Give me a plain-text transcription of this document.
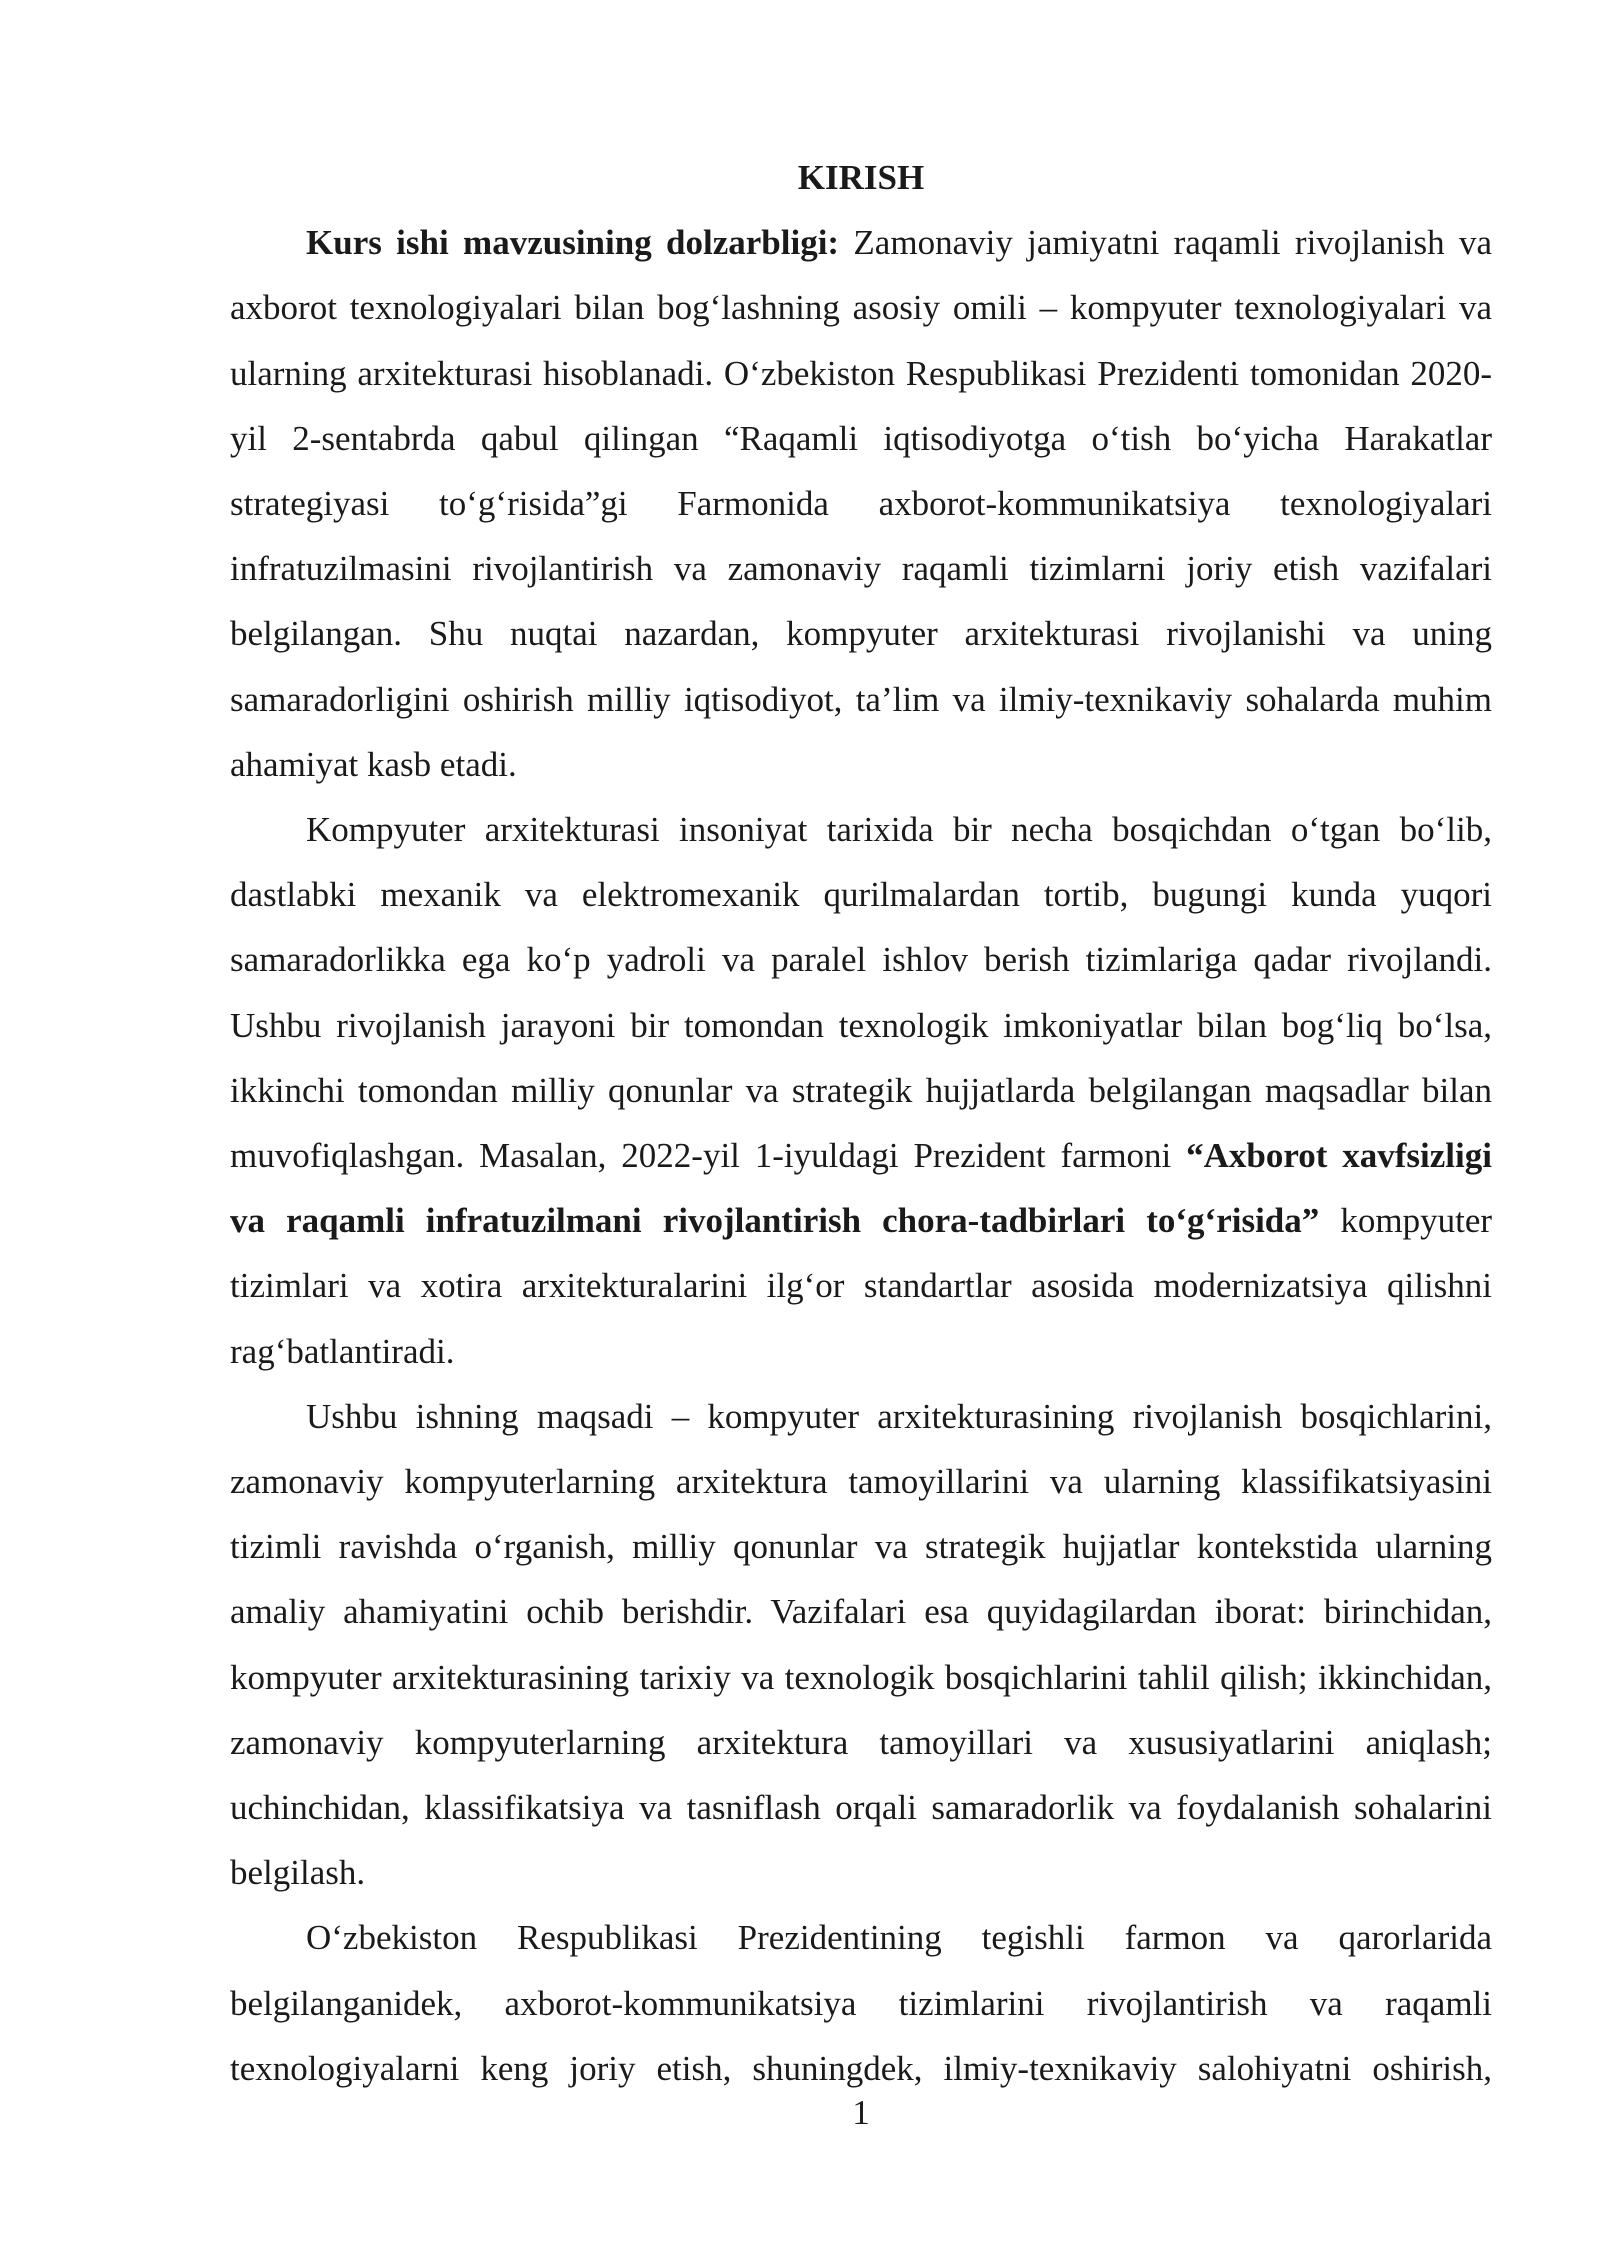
KIRISH

Kurs ishi mavzusining dolzarbligi: Zamonaviy jamiyatni raqamli rivojlanish va axborot texnologiyalari bilan bog‘lashning asosiy omili – kompyuter texnologiyalari va ularning arxitekturasi hisoblanadi. O‘zbekiston Respublikasi Prezidenti tomonidan 2020-yil 2-sentabrda qabul qilingan “Raqamli iqtisodiyotga o‘tish bo‘yicha Harakatlar strategiyasi to‘g‘risida”gi Farmonida axborot-kommunikatsiya texnologiyalari infratuzilmasini rivojlantirish va zamonaviy raqamli tizimlarni joriy etish vazifalari belgilangan. Shu nuqtai nazardan, kompyuter arxitekturasi rivojlanishi va uning samaradorligini oshirish milliy iqtisodiyot, ta’lim va ilmiy-texnikaviy sohalarda muhim ahamiyat kasb etadi.

Kompyuter arxitekturasi insoniyat tarixida bir necha bosqichdan o‘tgan bo‘lib, dastlabki mexanik va elektromexanik qurilmalardan tortib, bugungi kunda yuqori samaradorlikka ega ko‘p yadroli va paralel ishlov berish tizimlariga qadar rivojlandi. Ushbu rivojlanish jarayoni bir tomondan texnologik imkoniyatlar bilan bog‘liq bo‘lsa, ikkinchi tomondan milliy qonunlar va strategik hujjatlarda belgilangan maqsadlar bilan muvofiqlashgan. Masalan, 2022-yil 1-iyuldagi Prezident farmoni “Axborot xavfsizligi va raqamli infratuzilmani rivojlantirish chora-tadbirlari to‘g‘risida” kompyuter tizimlari va xotira arxitekturalarini ilg‘or standartlar asosida modernizatsiya qilishni rag‘batlantiradi.

Ushbu ishning maqsadi – kompyuter arxitekturasining rivojlanish bosqichlarini, zamonaviy kompyuterlarning arxitektura tamoyillarini va ularning klassifikatsiyasini tizimli ravishda o‘rganish, milliy qonunlar va strategik hujjatlar kontekstida ularning amaliy ahamiyatini ochib berishdir. Vazifalari esa quyidagilardan iborat: birinchidan, kompyuter arxitekturasining tarixiy va texnologik bosqichlarini tahlil qilish; ikkinchidan, zamonaviy kompyuterlarning arxitektura tamoyillari va xususiyatlarini aniqlash; uchinchidan, klassifikatsiya va tasniflash orqali samaradorlik va foydalanish sohalarini belgilash.

O‘zbekiston Respublikasi Prezidentining tegishli farmon va qarorlarida belgilanganidek, axborot-kommunikatsiya tizimlarini rivojlantirish va raqamli texnologiyalarni keng joriy etish, shuningdek, ilmiy-texnikaviy salohiyatni oshirish,

1
